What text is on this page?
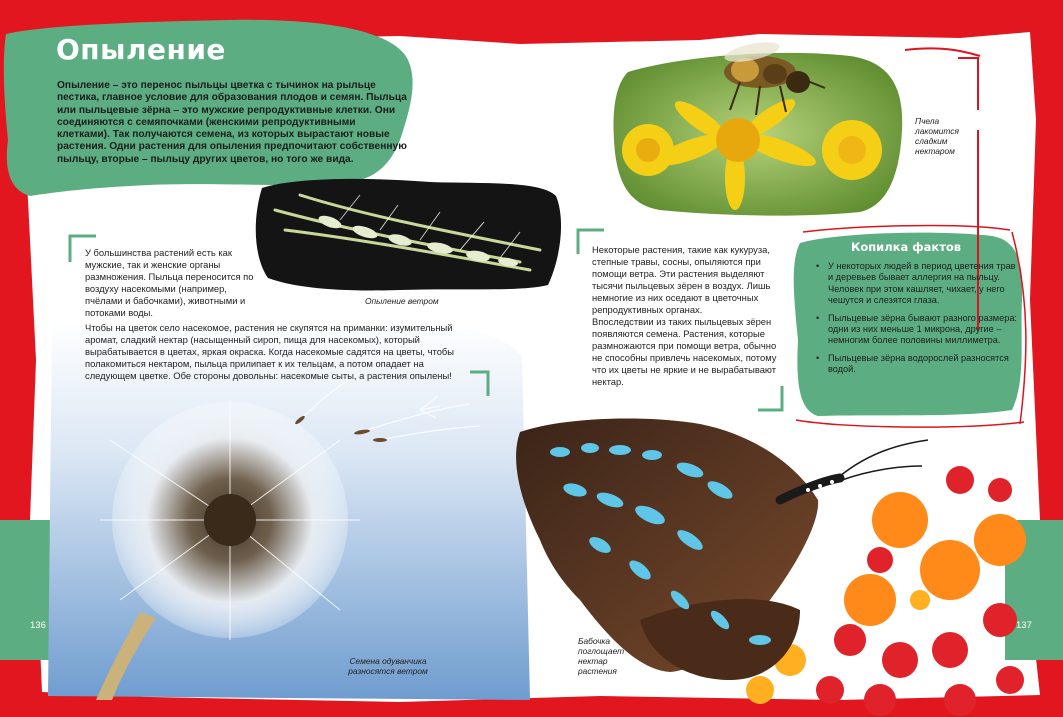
Опыление
Опыление – это перенос пыльцы цветка с тычинок на рыльце пестика, главное условие для образования плодов и семян. Пыльца или пыльцевые зёрна – это мужские репродуктивные клетки. Они соединяются с семяпочками (женскими репродуктивными клетками). Так получаются семена, из которых вырастают новые растения. Одни растения для опыления предпочитают собственную пыльцу, вторые – пыльцу других цветов, но того же вида.
У большинства растений есть как мужские, так и женские органы размножения. Пыльца переносится по воздуху насекомыми (например, пчёлами и бабочками), животными и потоками воды.
Чтобы на цветок село насекомое, растения не скупятся на приманки: изумительный аромат, сладкий нектар (насыщенный сироп, пища для насекомых), который вырабатывается в цветах, яркая окраска. Когда насекомые садятся на цветы, чтобы полакомиться нектаром, пыльца прилипает к их тельцам, а потом опадает на следующем цветке. Обе стороны довольны: насекомые сыты, а растения опылены!

Некоторые растения, такие как кукуруза, степные травы, сосны, опыляются при помощи ветра. Эти растения выделяют тысячи пыльцевых зёрен в воздух. Лишь немногие из них оседают в цветочных репродуктивных органах.

Впоследствии из таких пыльцевых зёрен появляются семена. Растения, которые размножаются при помощи ветра, обычно не способны привлечь насекомых, потому что их цветы не яркие и не вырабатывают нектар.

Копилка фактов
• У некоторых людей в период цветения трав и деревьев бывает аллергия на пыльцу. Человек при этом кашляет, чихает, у него чешутся и слезятся глаза.
• Пыльцевые зёрна бывают разного размера: одни из них меньше 1 микрона, другие – немногим более половины миллиметра.
• Пыльцевые зёрна водорослей разносятся водой.
Опыление ветром
Пчела
лакомится
сладким
нектаром
Семена одуванчика
разносятся ветром
Бабочка
поглощает
нектар
растения
136	137
